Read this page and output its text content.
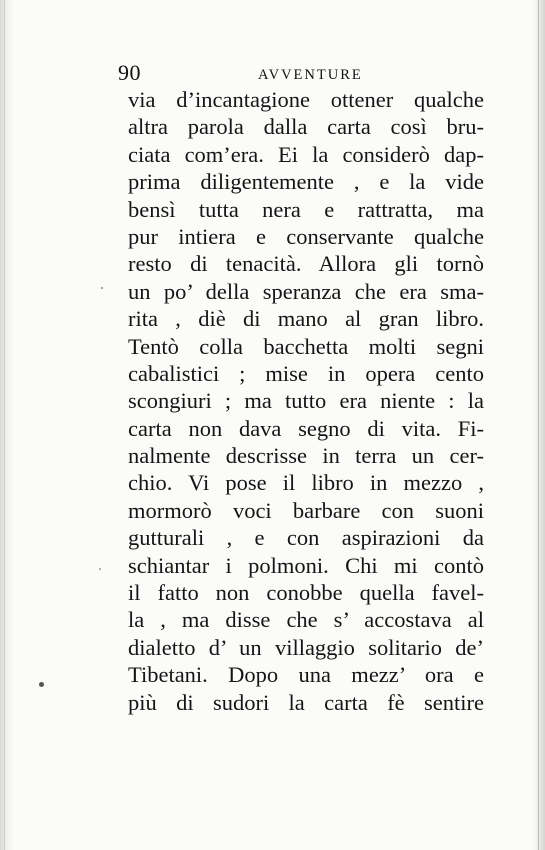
90	AVVENTURE
via d’incantagione ottener qualche
altra parola dalla carta così bru-
ciata com’era. Ei la considerò dap-
prima diligentemente , e la vide
bensì tutta nera e rattratta, ma
pur intiera e conservante qualche
resto di tenacità. Allora gli tornò
un po’ della speranza che era sma-
rita , diè di mano al gran libro.
Tentò colla bacchetta molti segni
cabalistici ; mise in opera cento
scongiuri ; ma tutto era niente : la
carta non dava segno di vita. Fi-
nalmente descrisse in terra un cer-
chio. Vi pose il libro in mezzo ,
mormorò voci barbare con suoni
gutturali , e con aspirazioni da
schiantar i polmoni. Chi mi contò
il fatto non conobbe quella favel-
la , ma disse che s’ accostava al
dialetto d’ un villaggio solitario de’
Tibetani. Dopo una mezz’ ora e
più di sudori la carta fè sentire
